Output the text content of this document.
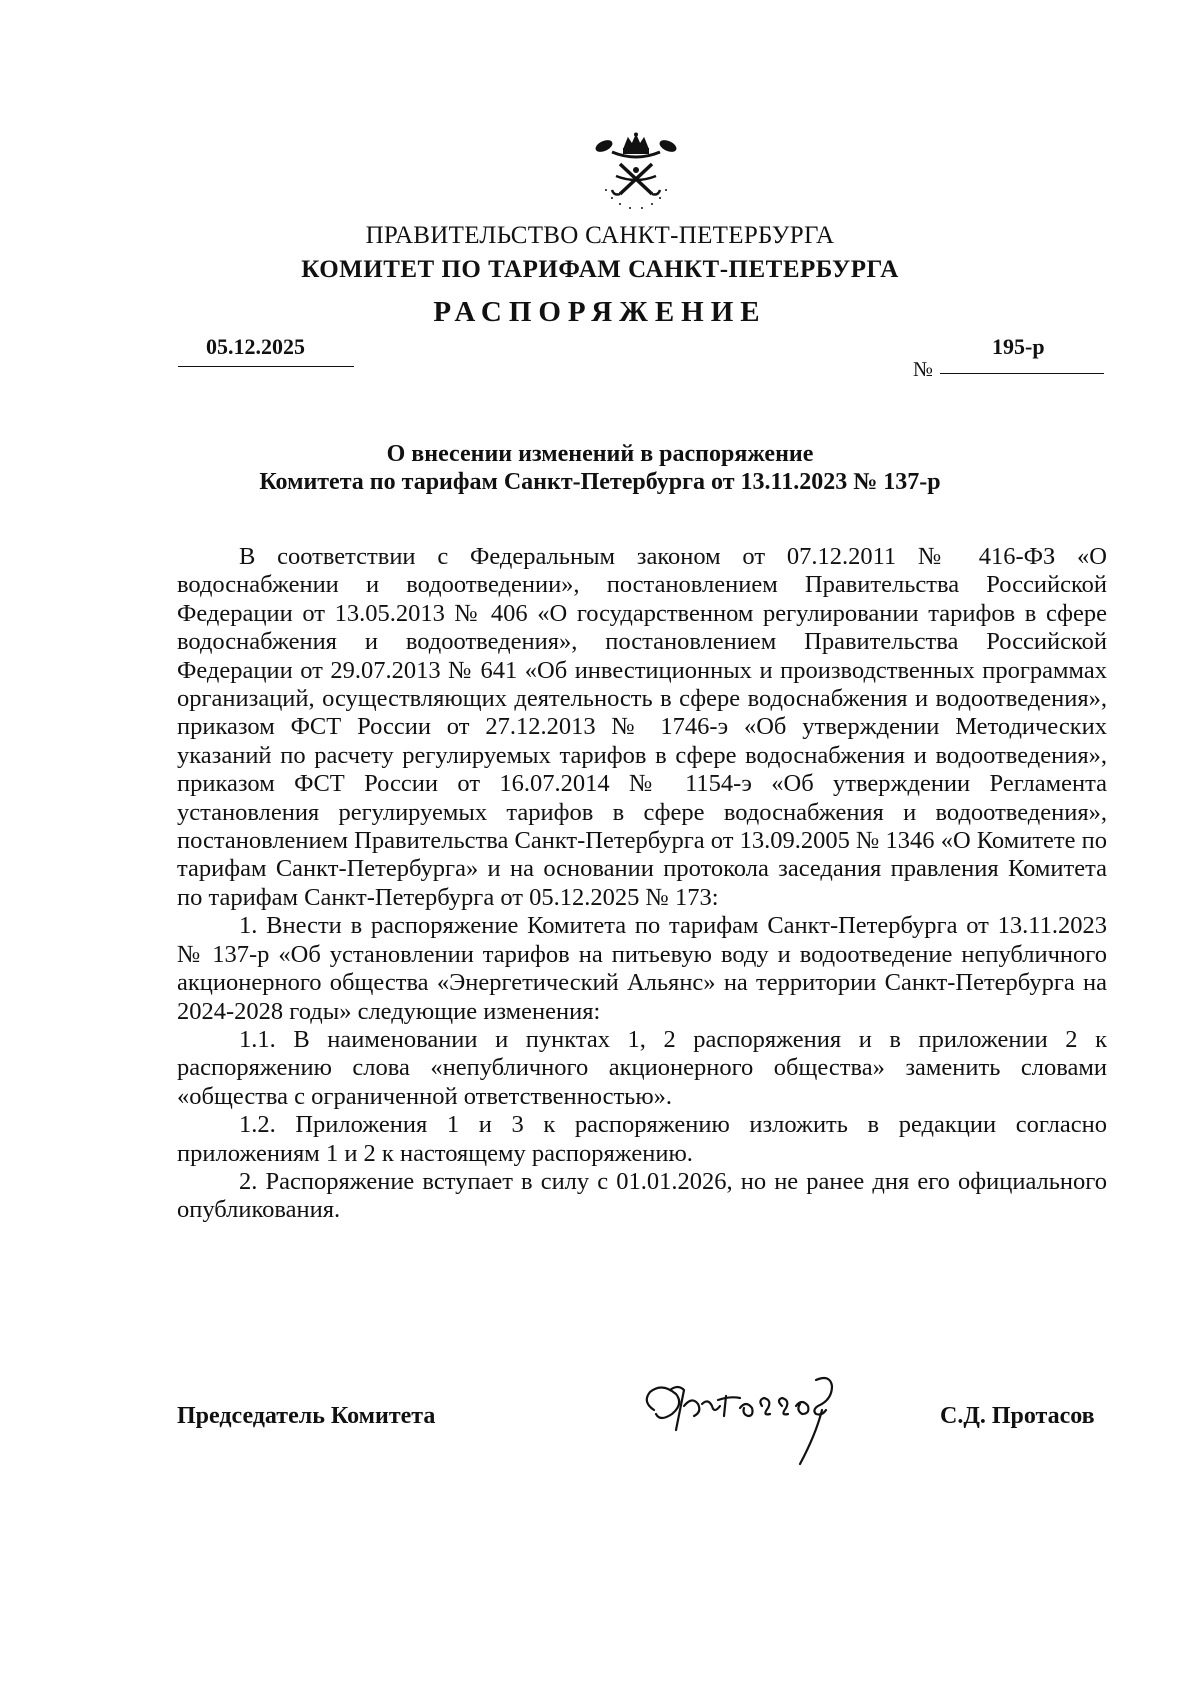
ПРАВИТЕЛЬСТВО САНКТ-ПЕТЕРБУРГА
КОМИТЕТ ПО ТАРИФАМ САНКТ-ПЕТЕРБУРГА
РАСПОРЯЖЕНИЕ
05.12.2025
№
195-р
О внесении изменений в распоряжение
Комитета по тарифам Санкт-Петербурга от 13.11.2023 № 137-р

В соответствии с Федеральным законом от 07.12.2011 № 416-ФЗ «О водоснабжении и водоотведении», постановлением Правительства Российской Федерации от 13.05.2013 № 406 «О государственном регулировании тарифов в сфере водоснабжения и водоотведения», постановлением Правительства Российской Федерации от 29.07.2013 № 641 «Об инвестиционных и производственных программах организаций, осуществляющих деятельность в сфере водоснабжения и водоотведения», приказом ФСТ России от 27.12.2013 № 1746-э «Об утверждении Методических указаний по расчету регулируемых тарифов в сфере водоснабжения и водоотведения», приказом ФСТ России от 16.07.2014 № 1154-э «Об утверждении Регламента установления регулируемых тарифов в сфере водоснабжения и водоотведения», постановлением Правительства Санкт-Петербурга от 13.09.2005 № 1346 «О Комитете по тарифам Санкт-Петербурга» и на основании протокола заседания правления Комитета по тарифам Санкт-Петербурга от 05.12.2025 № 173:

1. Внести в распоряжение Комитета по тарифам Санкт-Петербурга от 13.11.2023 № 137-р «Об установлении тарифов на питьевую воду и водоотведение непубличного акционерного общества «Энергетический Альянс» на территории Санкт-Петербурга на 2024-2028 годы» следующие изменения:

1.1. В наименовании и пунктах 1, 2 распоряжения и в приложении 2 к распоряжению слова «непубличного акционерного общества» заменить словами «общества с ограниченной ответственностью».

1.2. Приложения 1 и 3 к распоряжению изложить в редакции согласно приложениям 1 и 2 к настоящему распоряжению.

2. Распоряжение вступает в силу с 01.01.2026, но не ранее дня его официального опубликования.

Председатель Комитета	С.Д. Протасов
